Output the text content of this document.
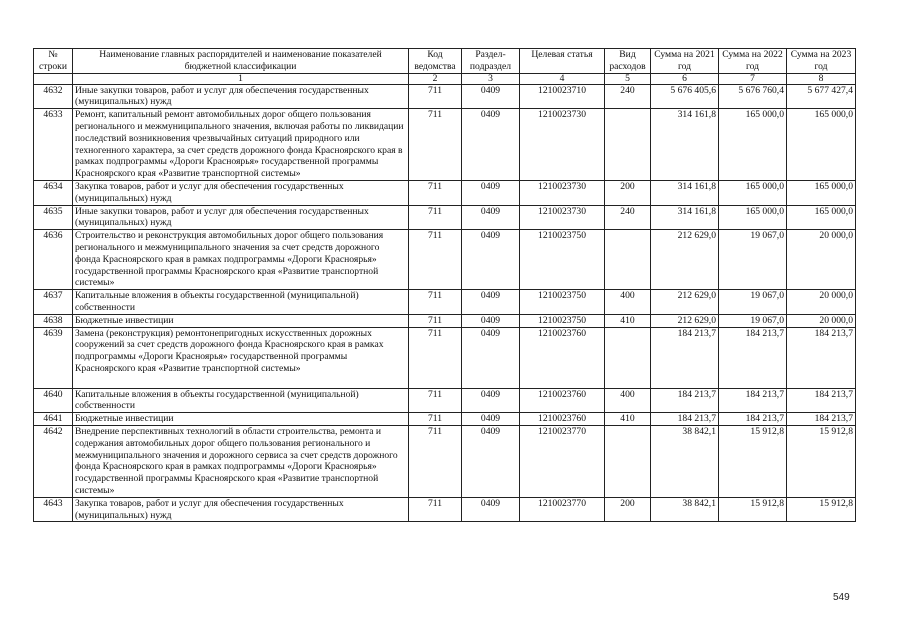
№ строки	Наименование главных распорядителей и наименование показателей бюджетной классификации	Код ведомства	Раздел-подраздел	Целевая статья	Вид расходов	Сумма на 2021 год	Сумма на 2022 год	Сумма на 2023 год
	1	2	3	4	5	6	7	8
4632	Иные закупки товаров, работ и услуг для обеспечения государственных (муниципальных) нужд	711	0409	1210023710	240	5 676 405,6	5 676 760,4	5 677 427,4
4633	Ремонт, капитальный ремонт автомобильных дорог общего пользования регионального и межмуниципального значения, включая работы по ликвидации последствий возникновения чрезвычайных ситуаций природного или техногенного характера, за счет средств дорожного фонда Красноярского края в рамках подпрограммы «Дороги Красноярья» государственной программы Красноярского края «Развитие транспортной системы»	711	0409	1210023730		314 161,8	165 000,0	165 000,0
4634	Закупка товаров, работ и услуг для обеспечения государственных (муниципальных) нужд	711	0409	1210023730	200	314 161,8	165 000,0	165 000,0
4635	Иные закупки товаров, работ и услуг для обеспечения государственных (муниципальных) нужд	711	0409	1210023730	240	314 161,8	165 000,0	165 000,0
4636	Строительство и реконструкция автомобильных дорог общего пользования регионального и межмуниципального значения за счет средств дорожного фонда Красноярского края в рамках подпрограммы «Дороги Красноярья» государственной программы Красноярского края «Развитие транспортной системы»	711	0409	1210023750		212 629,0	19 067,0	20 000,0
4637	Капитальные вложения в объекты государственной (муниципальной) собственности	711	0409	1210023750	400	212 629,0	19 067,0	20 000,0
4638	Бюджетные инвестиции	711	0409	1210023750	410	212 629,0	19 067,0	20 000,0
4639	Замена (реконструкция) ремонтонепригодных искусственных дорожных сооружений за счет средств дорожного фонда Красноярского края в рамках подпрограммы «Дороги Красноярья» государственной программы Красноярского края «Развитие транспортной системы»	711	0409	1210023760		184 213,7	184 213,7	184 213,7
4640	Капитальные вложения в объекты государственной (муниципальной) собственности	711	0409	1210023760	400	184 213,7	184 213,7	184 213,7
4641	Бюджетные инвестиции	711	0409	1210023760	410	184 213,7	184 213,7	184 213,7
4642	Внедрение перспективных технологий в области строительства, ремонта и содержания автомобильных дорог общего пользования регионального и межмуниципального значения и дорожного сервиса за счет средств дорожного фонда Красноярского края в рамках подпрограммы «Дороги Красноярья» государственной программы Красноярского края «Развитие транспортной системы»	711	0409	1210023770		38 842,1	15 912,8	15 912,8
4643	Закупка товаров, работ и услуг для обеспечения государственных (муниципальных) нужд	711	0409	1210023770	200	38 842,1	15 912,8	15 912,8
549
